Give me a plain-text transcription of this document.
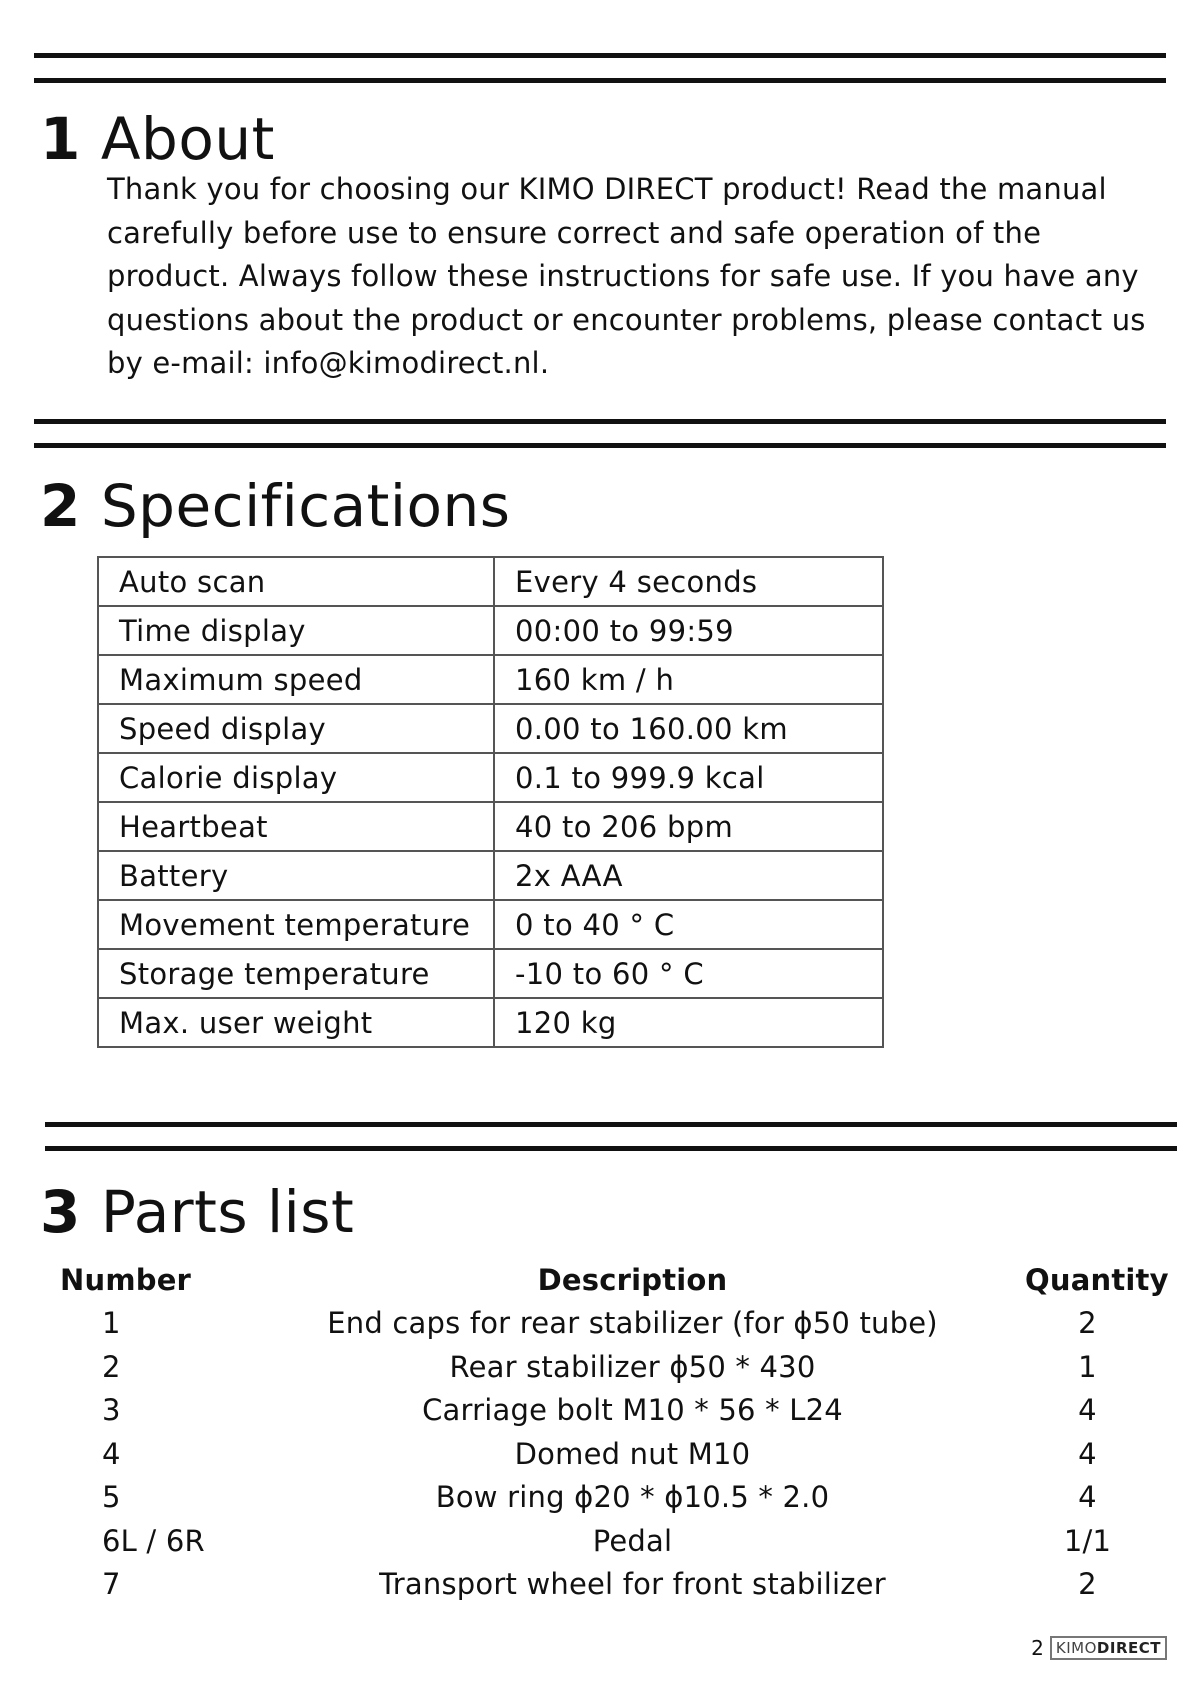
1 About

Thank you for choosing our KIMO DIRECT product! Read the manual carefully before use to ensure correct and safe operation of the product. Always follow these instructions for safe use. If you have any questions about the product or encounter problems, please contact us by e-mail: info@kimodirect.nl.

2 Specifications
Auto scan	Every 4 seconds
Time display	00:00 to 99:59
Maximum speed	160 km / h
Speed display	0.00 to 160.00 km
Calorie display	0.1 to 999.9 kcal
Heartbeat	40 to 206 bpm
Battery	2x AAA
Movement temperature	0 to 40 ° C
Storage temperature	-10 to 60 ° C
Max. user weight	120 kg
3 Parts list
Number	Description	Quantity
1	End caps for rear stabilizer (for ϕ50 tube)	2
2	Rear stabilizer ϕ50 * 430	1
3	Carriage bolt M10 * 56 * L24	4
4	Domed nut M10	4
5	Bow ring ϕ20 * ϕ10.5 * 2.0	4
6L / 6R	Pedal	1/1
7	Transport wheel for front stabilizer	2
2 KIMODIRECT
